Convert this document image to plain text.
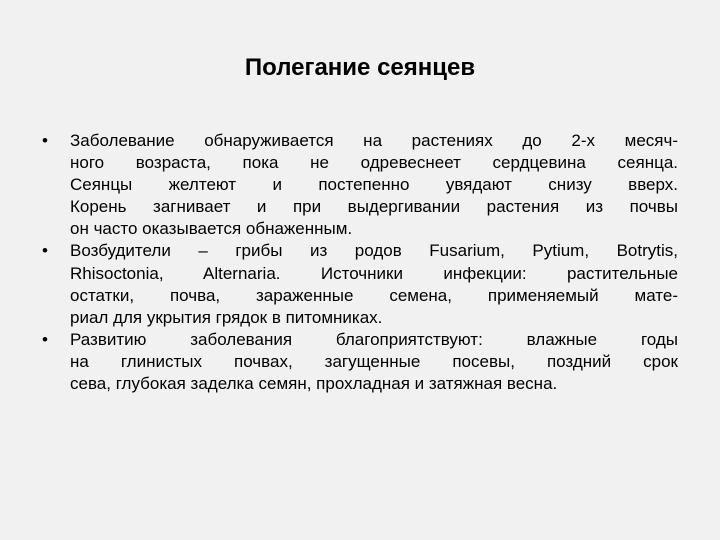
Полегание сеянцев
•	Заболевание обнаруживается на растениях до 2-х месяч-
ного возраста, пока не одревеснеет сердцевина сеянца.
Сеянцы желтеют и постепенно увядают снизу вверх.
Корень загнивает и при выдергивании растения из почвы
он часто оказывается обнаженным.
•	Возбудители – грибы из родов Fusarium, Pytium, Botrytis,
Rhisoctonia, Alternaria. Источники инфекции: растительные
остатки, почва, зараженные семена, применяемый мате-
риал для укрытия грядок в питомниках.
•	Развитию заболевания благоприятствуют: влажные годы
на глинистых почвах, загущенные посевы, поздний срок
сева, глубокая заделка семян, прохладная и затяжная весна.
